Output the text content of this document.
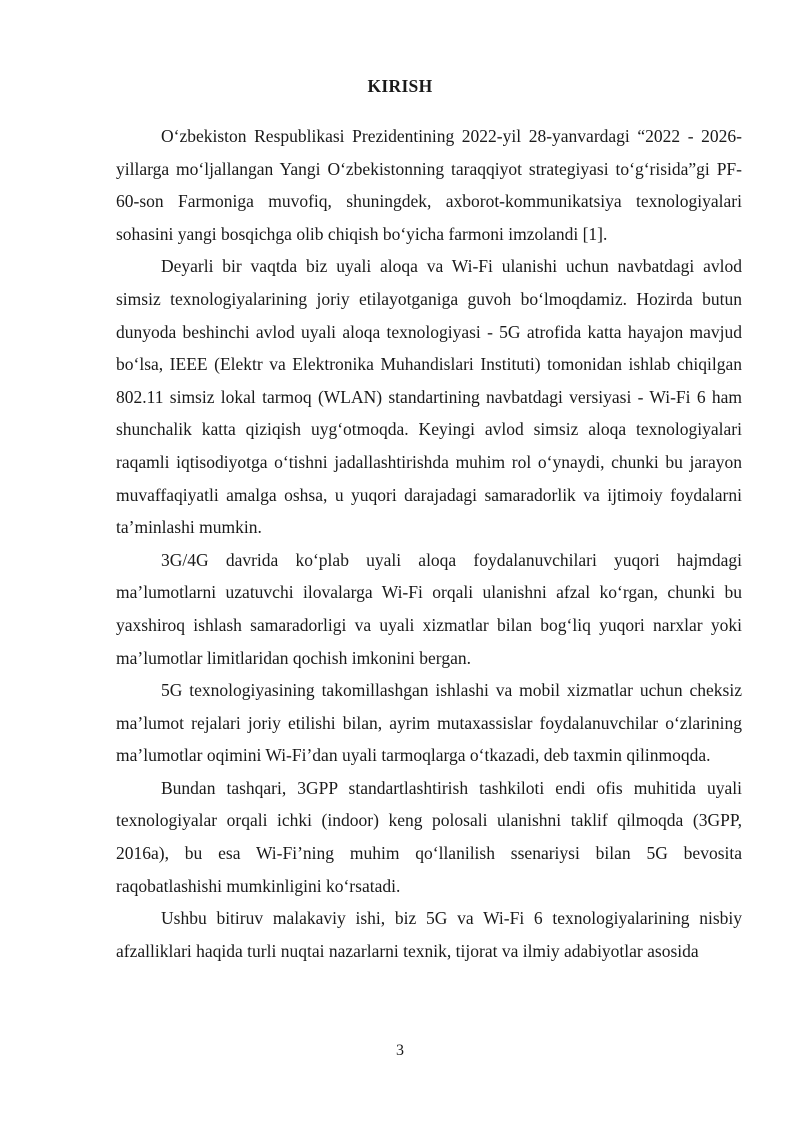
KIRISH

O‘zbekiston Respublikasi Prezidentining 2022-yil 28-yanvardagi “2022 - 2026-yillarga mo‘ljallangan Yangi O‘zbekistonning taraqqiyot strategiyasi to‘g‘risida”gi PF-60-son Farmoniga muvofiq, shuningdek, axborot-kommunikatsiya texnologiyalari sohasini yangi bosqichga olib chiqish bo‘yicha farmoni imzolandi [1].

Deyarli bir vaqtda biz uyali aloqa va Wi-Fi ulanishi uchun navbatdagi avlod simsiz texnologiyalarining joriy etilayotganiga guvoh bo‘lmoqdamiz. Hozirda butun dunyoda beshinchi avlod uyali aloqa texnologiyasi - 5G atrofida katta hayajon mavjud bo‘lsa, IEEE (Elektr va Elektronika Muhandislari Instituti) tomonidan ishlab chiqilgan 802.11 simsiz lokal tarmoq (WLAN) standartining navbatdagi versiyasi - Wi-Fi 6 ham shunchalik katta qiziqish uyg‘otmoqda. Keyingi avlod simsiz aloqa texnologiyalari raqamli iqtisodiyotga o‘tishni jadallashtirishda muhim rol o‘ynaydi, chunki bu jarayon muvaffaqiyatli amalga oshsa, u yuqori darajadagi samaradorlik va ijtimoiy foydalarni ta’minlashi mumkin.

3G/4G davrida ko‘plab uyali aloqa foydalanuvchilari yuqori hajmdagi ma’lumotlarni uzatuvchi ilovalarga Wi-Fi orqali ulanishni afzal ko‘rgan, chunki bu yaxshiroq ishlash samaradorligi va uyali xizmatlar bilan bog‘liq yuqori narxlar yoki ma’lumotlar limitlaridan qochish imkonini bergan.

5G texnologiyasining takomillashgan ishlashi va mobil xizmatlar uchun cheksiz ma’lumot rejalari joriy etilishi bilan, ayrim mutaxassislar foydalanuvchilar o‘zlarining ma’lumotlar oqimini Wi-Fi’dan uyali tarmoqlarga o‘tkazadi, deb taxmin qilinmoqda.

Bundan tashqari, 3GPP standartlashtirish tashkiloti endi ofis muhitida uyali texnologiyalar orqali ichki (indoor) keng polosali ulanishni taklif qilmoqda (3GPP, 2016a), bu esa Wi-Fi’ning muhim qo‘llanilish ssenariysi bilan 5G bevosita raqobatlashishi mumkinligini ko‘rsatadi.

Ushbu bitiruv malakaviy ishi, biz 5G va Wi-Fi 6 texnologiyalarining nisbiy afzalliklari haqida turli nuqtai nazarlarni texnik, tijorat va ilmiy adabiyotlar asosida

3
